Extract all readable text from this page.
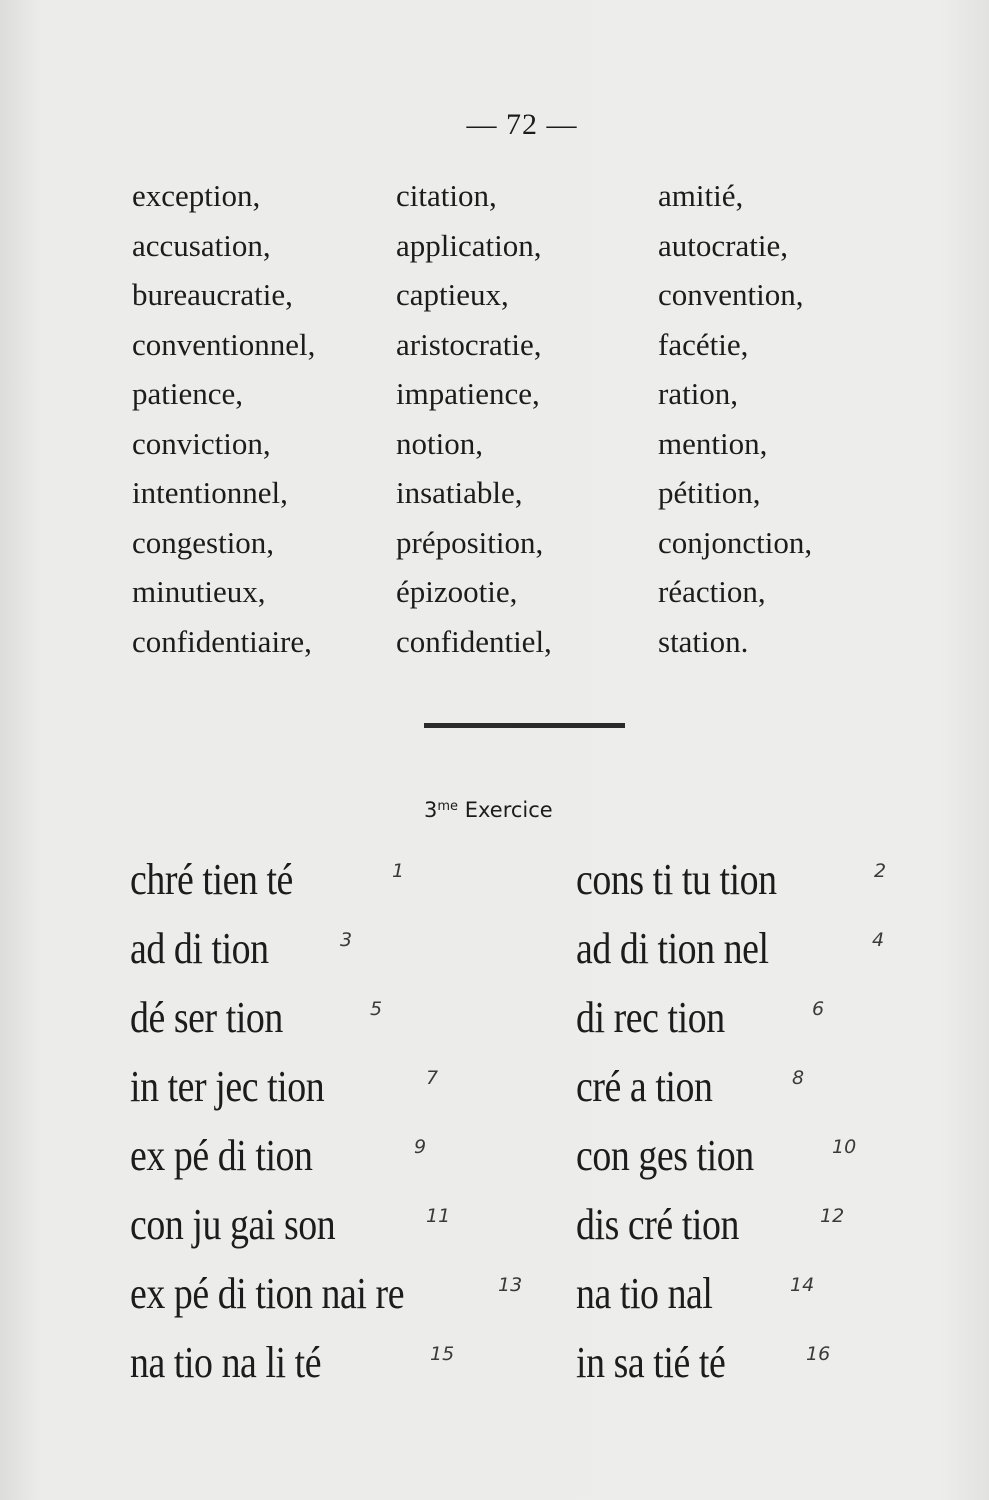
— 72 —
exception,	citation,	amitié,
accusation,	application,	autocratie,
bureaucratie,	captieux,	convention,
conventionnel,	aristocratie,	facétie,
patience,	impatience,	ration,
conviction,	notion,	mention,
intentionnel,	insatiable,	pétition,
congestion,	préposition,	conjonction,
minutieux,	épizootie,	réaction,
confidentiaire,	confidentiel,	station.
$3^{me}$ Exercice
chré tien té	1	cons ti tu tion	2
ad di tion	3	ad di tion nel	4
dé ser tion	5	di rec tion	6
in ter jec tion	7	cré a tion	8
ex pé di tion	9	con ges tion	10
con ju gai son	11	dis cré tion	12
ex pé di tion nai re	13 na tio nal	14
na tio na li té	15	in sa tié té	16
